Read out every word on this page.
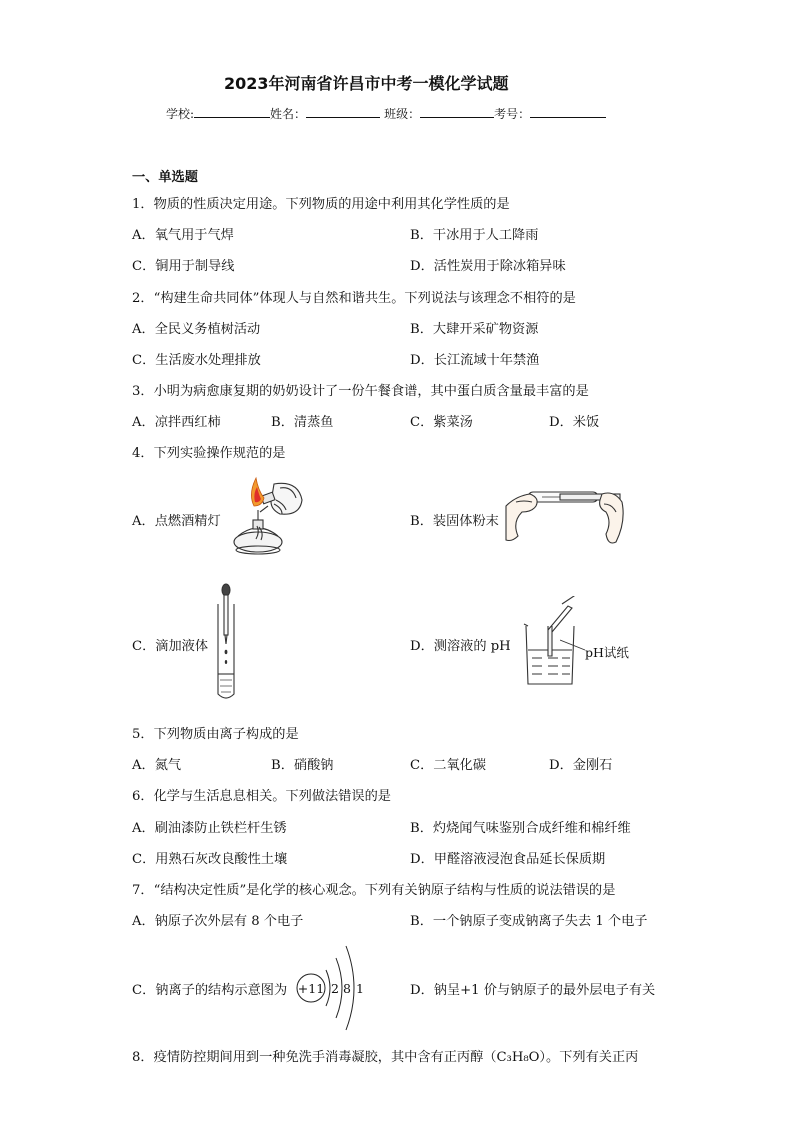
2023年河南省许昌市中考一模化学试题
学校:	姓名：	班级：	考号：
一、单选题
1．物质的性质决定用途。下列物质的用途中利用其化学性质的是
A．氧气用于气焊	B．干冰用于人工降雨
C．铜用于制导线	D．活性炭用于除冰箱异味
2．“构建生命共同体”体现人与自然和谐共生。下列说法与该理念不相符的是
A．全民义务植树活动	B．大肆开采矿物资源
C．生活废水处理排放	D．长江流域十年禁渔
3．小明为病愈康复期的奶奶设计了一份午餐食谱，其中蛋白质含量最丰富的是
A．凉拌西红柿	B．清蒸鱼	C．紫菜汤	D．米饭
4．下列实验操作规范的是
A．点燃酒精灯	B．装固体粉末
C．滴加液体	D．测溶液的 pH	pH试纸
5．下列物质由离子构成的是
A．氮气	B．硝酸钠	C．二氧化碳	D．金刚石
6．化学与生活息息相关。下列做法错误的是
A．刷油漆防止铁栏杆生锈	B．灼烧闻气味鉴别合成纤维和棉纤维
C．用熟石灰改良酸性土壤	D．甲醛溶液浸泡食品延长保质期
7．“结构决定性质”是化学的核心观念。下列有关钠原子结构与性质的说法错误的是
A．钠原子次外层有 8 个电子	B．一个钠原子变成钠离子失去 1 个电子
C．钠离子的结构示意图为 +11 2 8 1	D．钠呈+1 价与钠原子的最外层电子有关
8．疫情防控期间用到一种免洗手消毒凝胶，其中含有正丙醇（C₃H₈O）。下列有关正丙
